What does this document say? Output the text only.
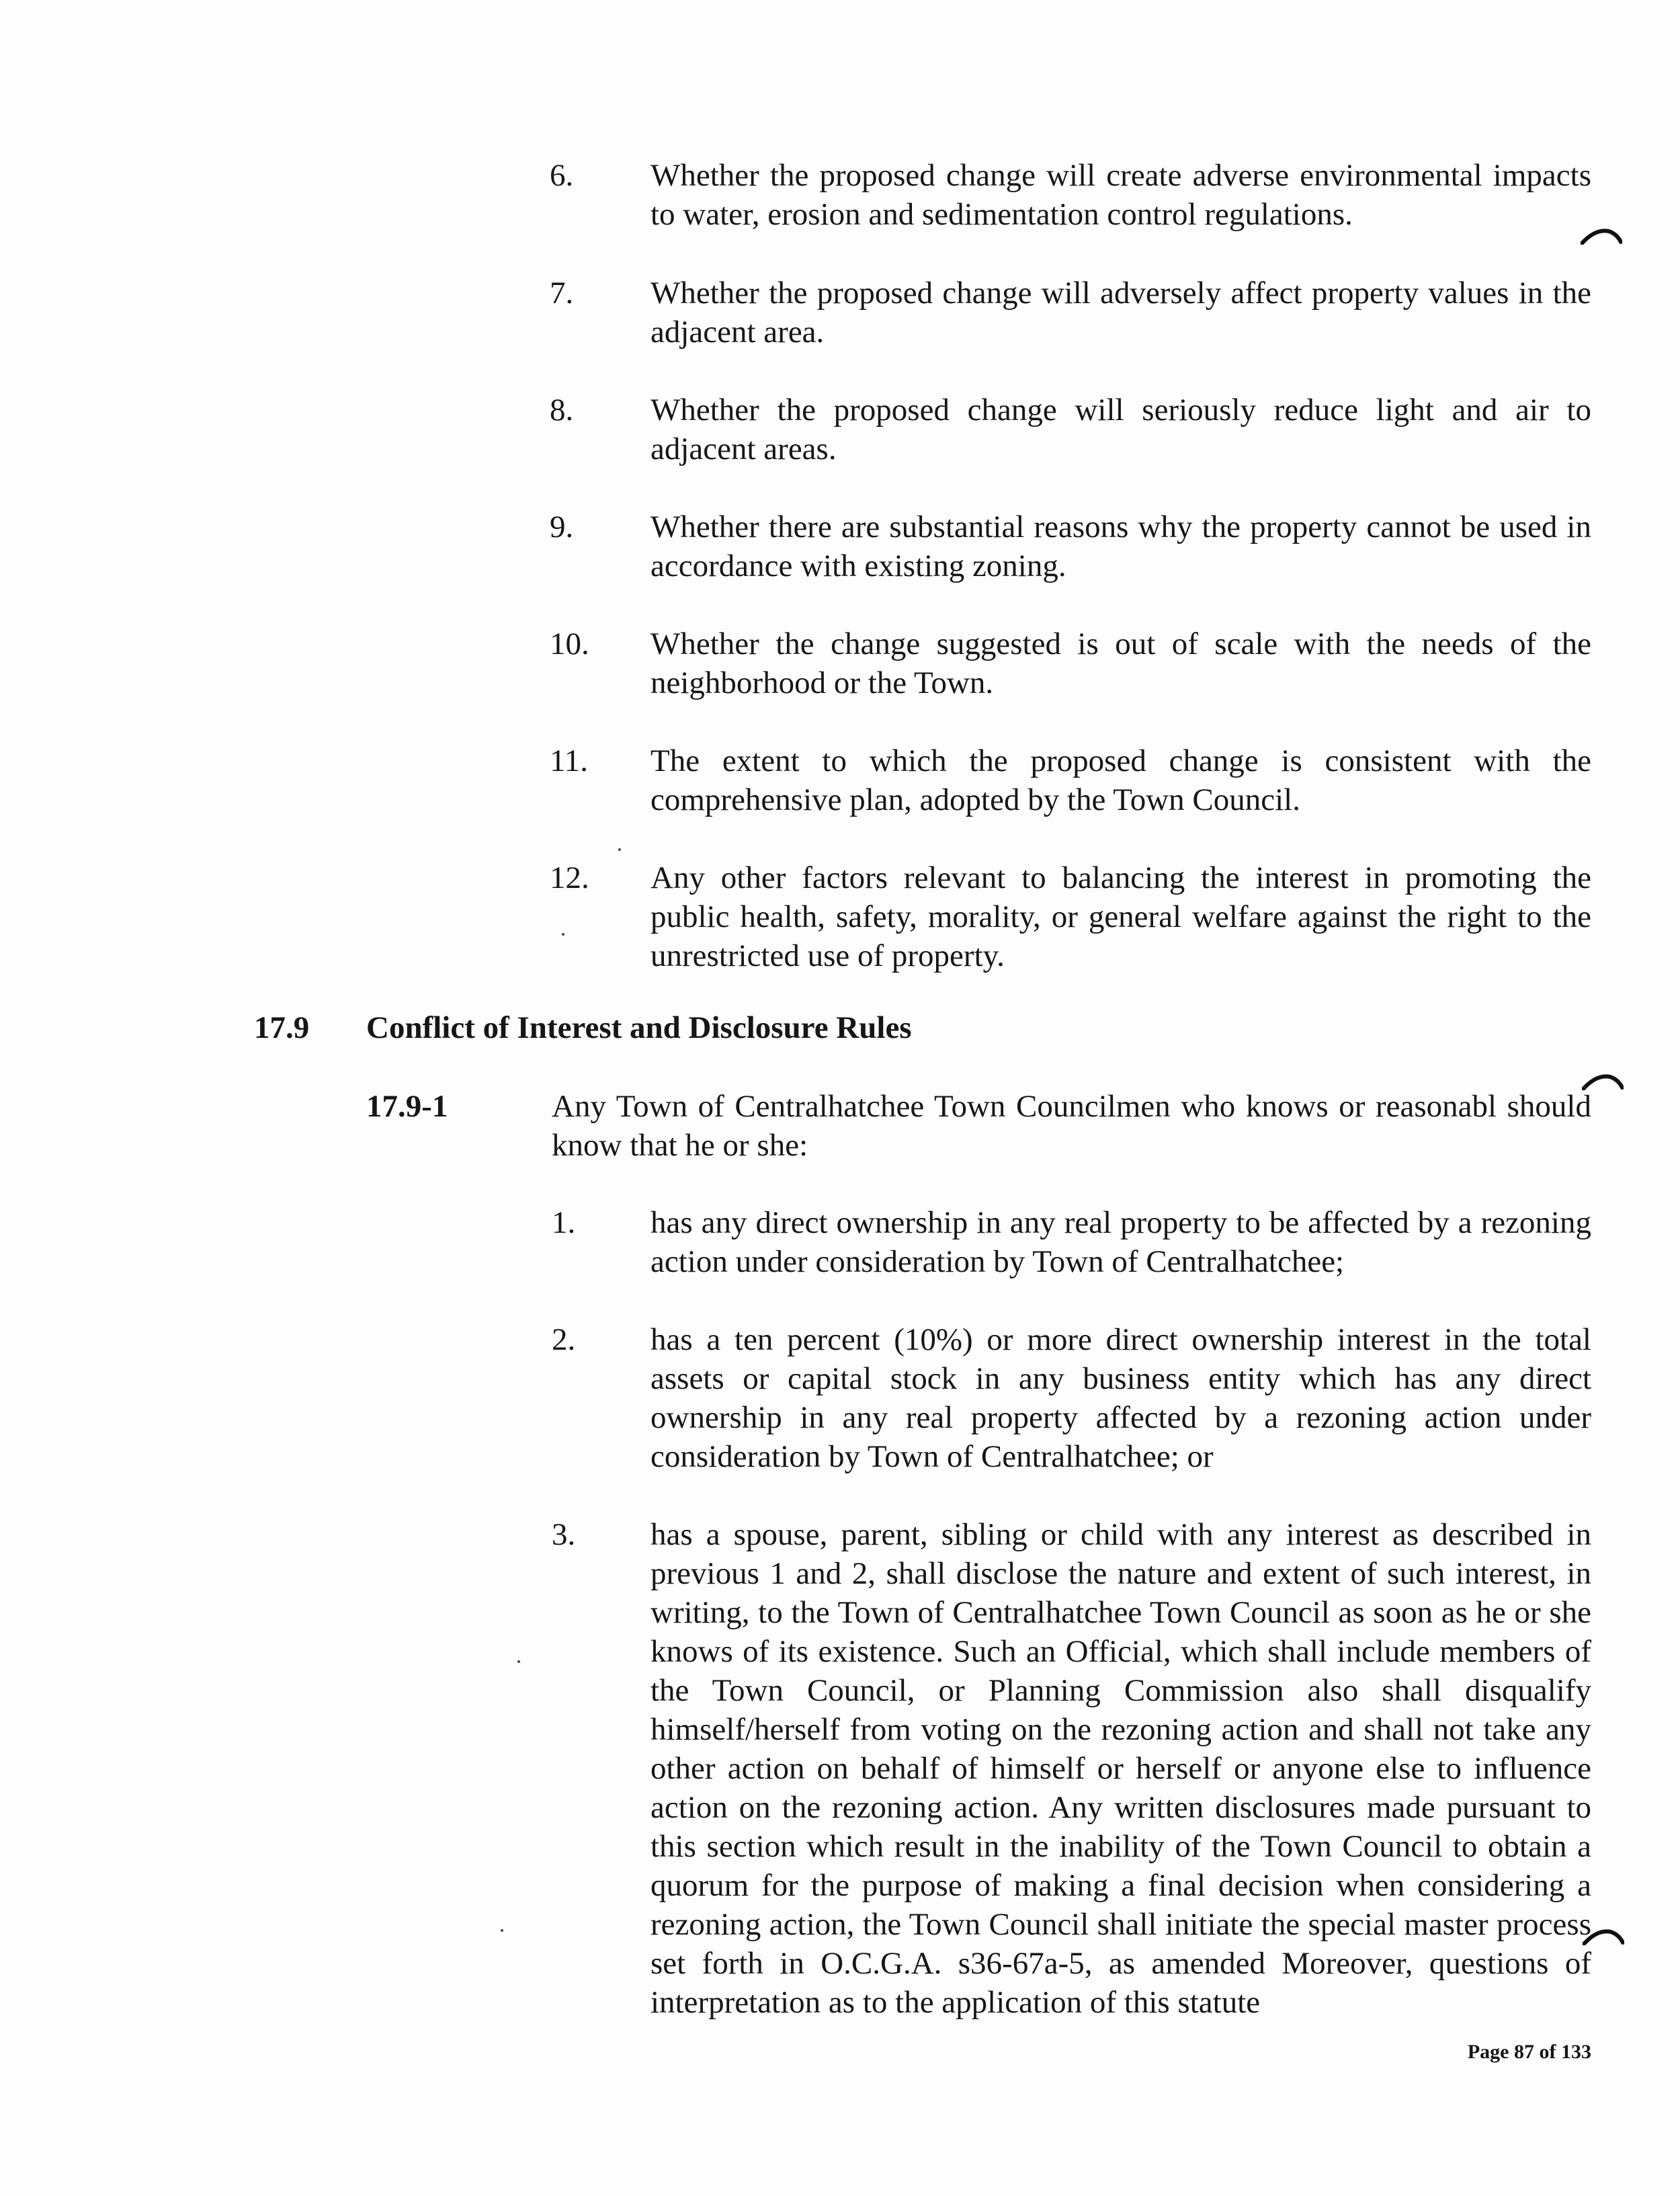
6. Whether the proposed change will create adverse environmental impacts to water, erosion and sedimentation control regulations.
7. Whether the proposed change will adversely affect property values in the adjacent area.
8. Whether the proposed change will seriously reduce light and air to adjacent areas.
9. Whether there are substantial reasons why the property cannot be used in accordance with existing zoning.
10. Whether the change suggested is out of scale with the needs of the neighborhood or the Town.
11. The extent to which the proposed change is consistent with the comprehensive plan, adopted by the Town Council.
12. Any other factors relevant to balancing the interest in promoting the public health, safety, morality, or general welfare against the right to the unrestricted use of property.
17.9 Conflict of Interest and Disclosure Rules
17.9-1	Any Town of Centralhatchee Town Councilmen who knows or reasonabl should know that he or she:
1. has any direct ownership in any real property to be affected by a rezoning action under consideration by Town of Centralhatchee;
2. has a ten percent (10%) or more direct ownership interest in the total assets or capital stock in any business entity which has any direct ownership in any real property affected by a rezoning action under consideration by Town of Centralhatchee; or
3. has a spouse, parent, sibling or child with any interest as described in previous 1 and 2, shall disclose the nature and extent of such interest, in writing, to the Town of Centralhatchee Town Council as soon as he or she knows of its existence. Such an Official, which shall include members of the Town Council, or Planning Commission also shall disqualify himself/herself from voting on the rezoning action and shall not take any other action on behalf of himself or herself or anyone else to influence action on the rezoning action. Any written disclosures made pursuant to this section which result in the inability of the Town Council to obtain a quorum for the purpose of making a final decision when considering a rezoning action, the Town Council shall initiate the special master process set forth in O.C.G.A. s36-67a-5, as amended Moreover, questions of interpretation as to the application of this statute
Page 87 of 133
